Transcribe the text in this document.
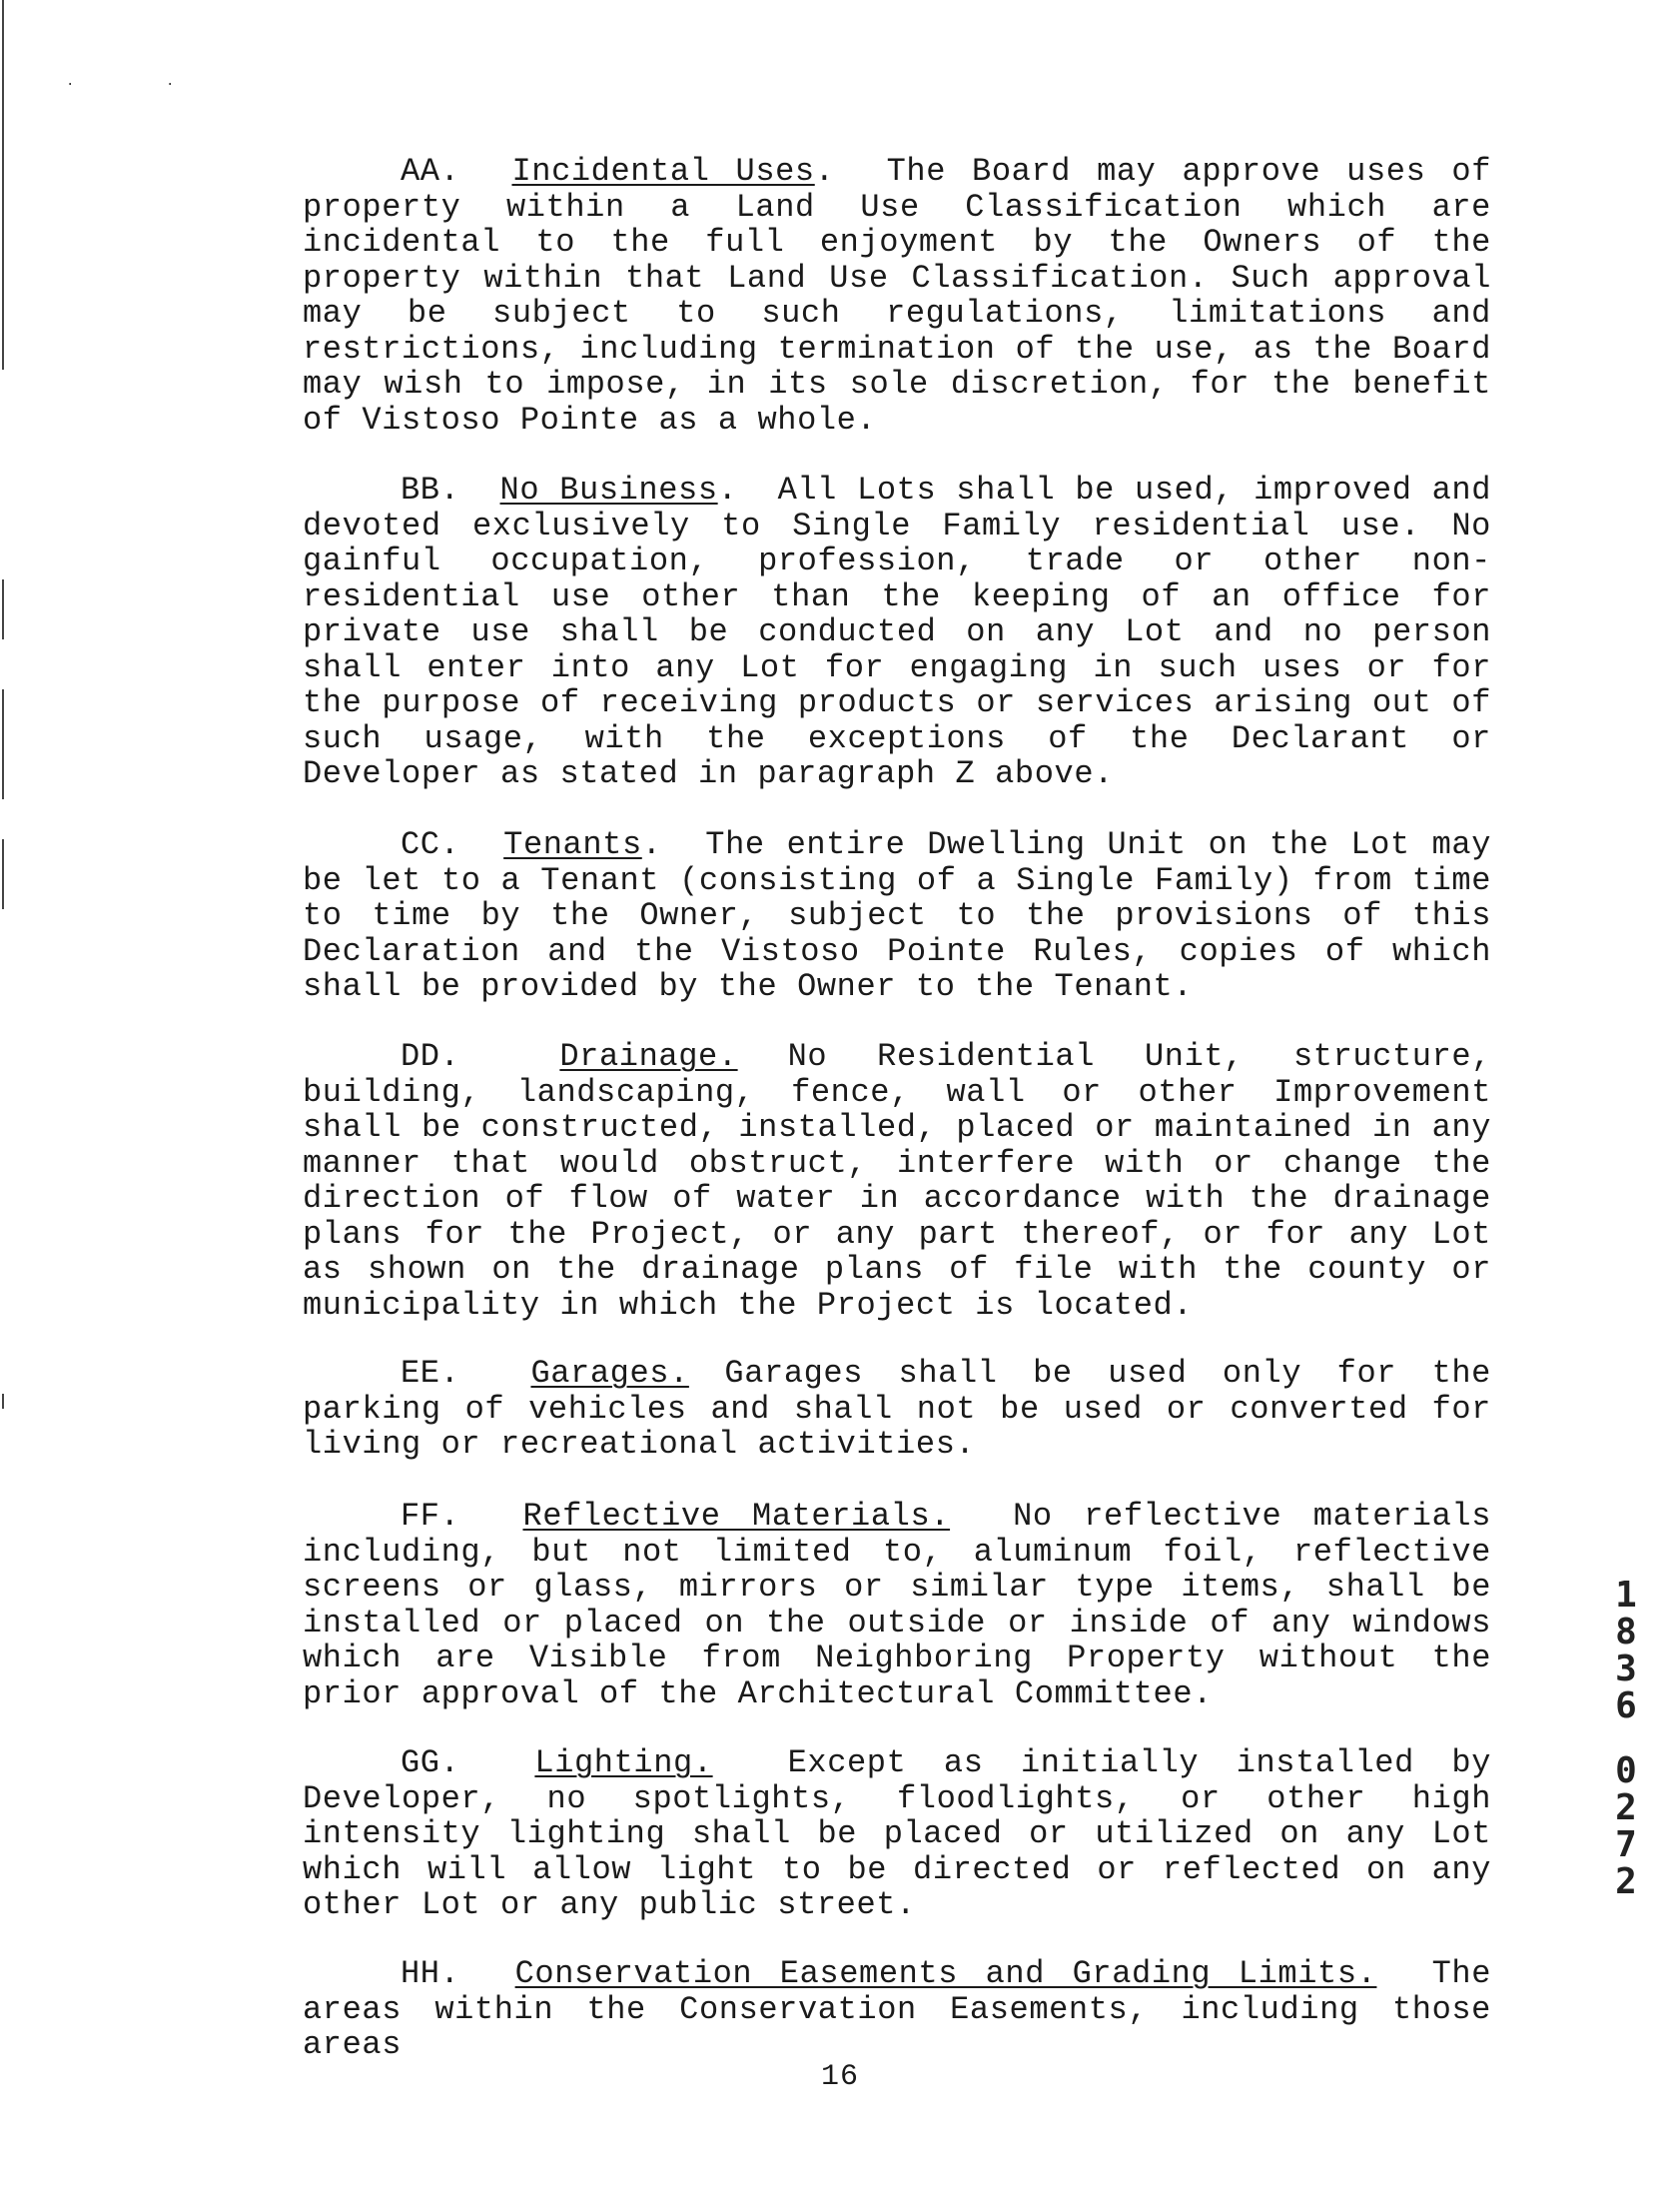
.	.

AA. Incidental Uses. The Board may approve uses of property within a Land Use Classification which are incidental to the full enjoyment by the Owners of the property within that Land Use Classification. Such approval may be subject to such regulations, limitations and restrictions, including termination of the use, as the Board may wish to impose, in its sole discretion, for the benefit of Vistoso Pointe as a whole.

BB. No Business. All Lots shall be used, improved and devoted exclusively to Single Family residential use. No gainful occupation, profession, trade or other non-residential use other than the keeping of an office for private use shall be conducted on any Lot and no person shall enter into any Lot for engaging in such uses or for the purpose of receiving products or services arising out of such usage, with the exceptions of the Declarant or Developer as stated in paragraph Z above.

CC. Tenants. The entire Dwelling Unit on the Lot may be let to a Tenant (consisting of a Single Family) from time to time by the Owner, subject to the provisions of this Declaration and the Vistoso Pointe Rules, copies of which shall be provided by the Owner to the Tenant.

DD.	Drainage. No Residential Unit, structure, building, landscaping, fence, wall or other Improvement shall be constructed, installed, placed or maintained in any manner that would obstruct, interfere with or change the direction of flow of water in accordance with the drainage plans for the Project, or any part thereof, or for any Lot as shown on the drainage plans of file with the county or municipality in which the Project is located.

EE. Garages. Garages shall be used only for the parking of vehicles and shall not be used or converted for living or recreational activities.

FF. Reflective Materials. No reflective materials including, but not limited to, aluminum foil, reflective screens or glass, mirrors or similar type items, shall be installed or placed on the outside or inside of any windows which are Visible from Neighboring Property without the prior approval of the Architectural Committee.

GG. Lighting. Except as initially installed by Developer, no spotlights, floodlights, or other high intensity lighting shall be placed or utilized on any Lot which will allow light to be directed or reflected on any other Lot or any public street.

HH. Conservation Easements and Grading Limits. The areas within the Conservation Easements, including those areas

16
1
8
3
6
0
2
7
2
